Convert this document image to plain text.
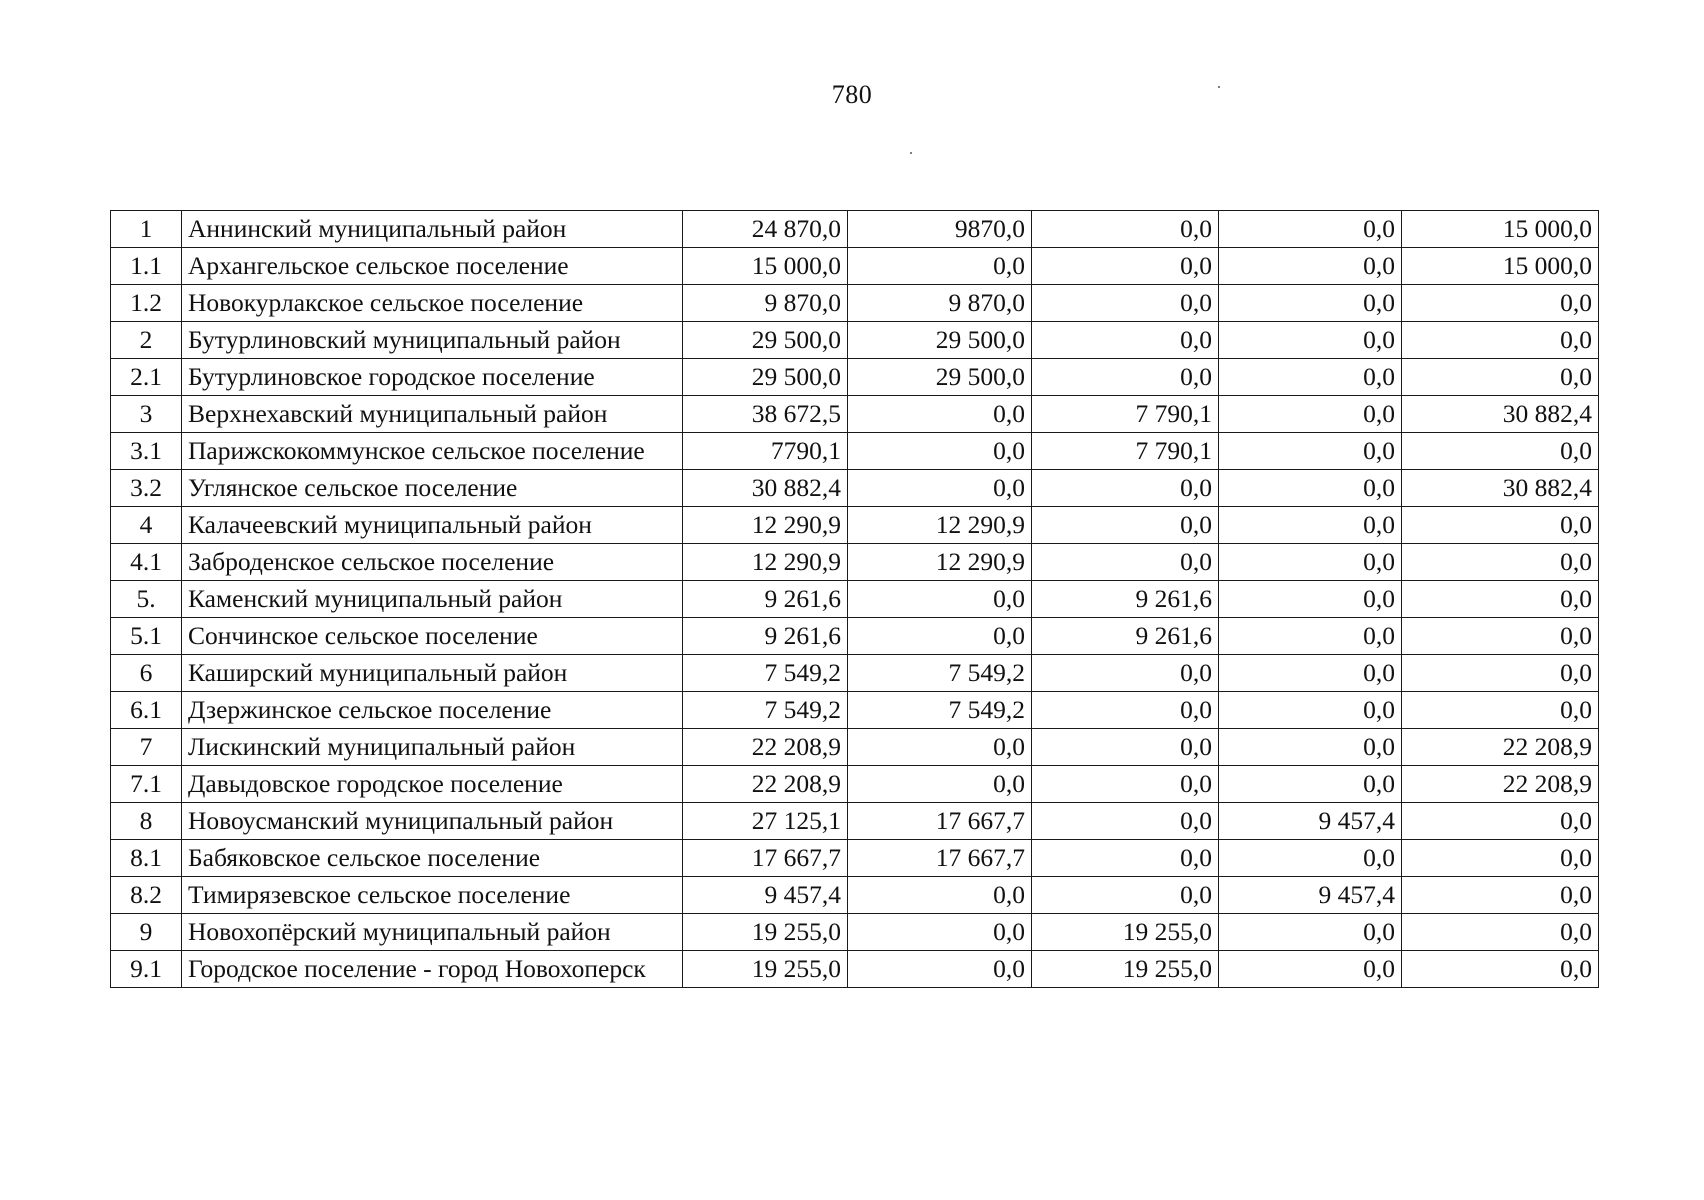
780
1	Аннинский муниципальный район	24 870,0	9870,0	0,0	0,0	15 000,0
1.1	Архангельское сельское поселение	15 000,0	0,0	0,0	0,0	15 000,0
1.2	Новокурлакское сельское поселение	9 870,0	9 870,0	0,0	0,0	0,0
2	Бутурлиновский муниципальный район	29 500,0	29 500,0	0,0	0,0	0,0
2.1	Бутурлиновское городское поселение	29 500,0	29 500,0	0,0	0,0	0,0
3	Верхнехавский муниципальный район	38 672,5	0,0	7 790,1	0,0	30 882,4
3.1	Парижскокоммунское сельское поселение	7790,1	0,0	7 790,1	0,0	0,0
3.2	Углянское сельское поселение	30 882,4	0,0	0,0	0,0	30 882,4
4	Калачеевский муниципальный район	12 290,9	12 290,9	0,0	0,0	0,0
4.1	Заброденское сельское поселение	12 290,9	12 290,9	0,0	0,0	0,0
5.	Каменский муниципальный район	9 261,6	0,0	9 261,6	0,0	0,0
5.1	Сончинское сельское поселение	9 261,6	0,0	9 261,6	0,0	0,0
6	Каширский муниципальный район	7 549,2	7 549,2	0,0	0,0	0,0
6.1	Дзержинское сельское поселение	7 549,2	7 549,2	0,0	0,0	0,0
7	Лискинский муниципальный район	22 208,9	0,0	0,0	0,0	22 208,9
7.1	Давыдовское городское поселение	22 208,9	0,0	0,0	0,0	22 208,9
8	Новоусманский муниципальный район	27 125,1	17 667,7	0,0	9 457,4	0,0
8.1	Бабяковское сельское поселение	17 667,7	17 667,7	0,0	0,0	0,0
8.2	Тимирязевское сельское поселение	9 457,4	0,0	0,0	9 457,4	0,0
9	Новохопёрский муниципальный район	19 255,0	0,0	19 255,0	0,0	0,0
9.1	Городское поселение - город Новохоперск	19 255,0	0,0	19 255,0	0,0	0,0
